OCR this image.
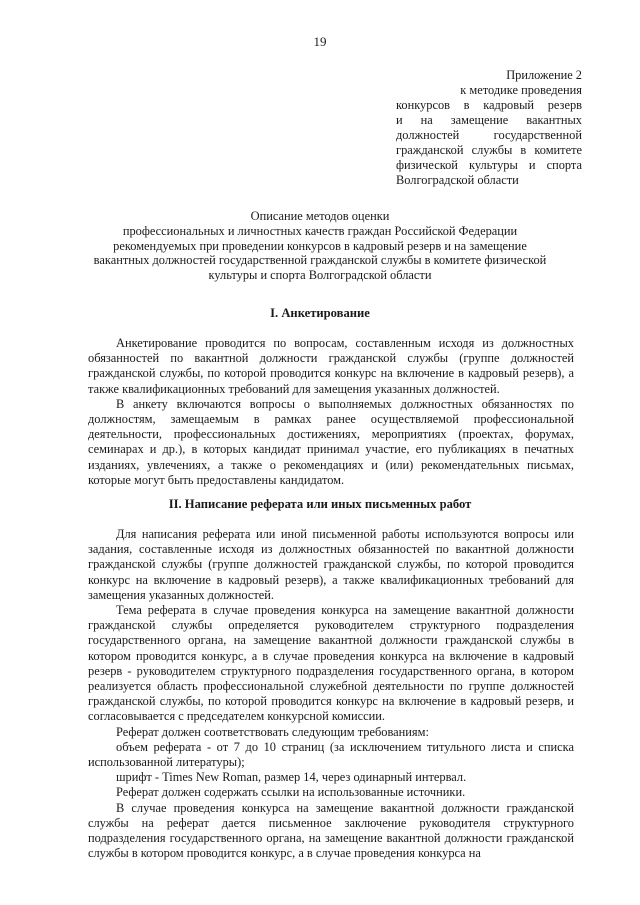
19
Приложение 2
к методике проведения
конкурсов в кадровый резерв
и на замещение вакантных
должностей государственной
гражданской службы в комитете
физической культуры и спорта
Волгоградской области
Описание методов оценки
профессиональных и личностных качеств граждан Российской Федерации
рекомендуемых при проведении конкурсов в кадровый резерв и на замещение
вакантных должностей государственной гражданской службы в комитете физической
культуры и спорта Волгоградской области
I. Анкетирование

Анкетирование проводится по вопросам, составленным исходя из должностных обязанностей по вакантной должности гражданской службы (группе должностей гражданской службы, по которой проводится конкурс на включение в кадровый резерв), а также квалификационных требований для замещения указанных должностей.

В анкету включаются вопросы о выполняемых должностных обязанностях по должностям, замещаемым в рамках ранее осуществляемой профессиональной деятельности, профессиональных достижениях, мероприятиях (проектах, форумах, семинарах и др.), в которых кандидат принимал участие, его публикациях в печатных изданиях, увлечениях, а также о рекомендациях и (или) рекомендательных письмах, которые могут быть предоставлены кандидатом.

II. Написание реферата или иных письменных работ

Для написания реферата или иной письменной работы используются вопросы или задания, составленные исходя из должностных обязанностей по вакантной должности гражданской службы (группе должностей гражданской службы, по которой проводится конкурс на включение в кадровый резерв), а также квалификационных требований для замещения указанных должностей.

Тема реферата в случае проведения конкурса на замещение вакантной должности гражданской службы определяется руководителем структурного подразделения государственного органа, на замещение вакантной должности гражданской службы в котором проводится конкурс, а в случае проведения конкурса на включение в кадровый резерв - руководителем структурного подразделения государственного органа, в котором реализуется область профессиональной служебной деятельности по группе должностей гражданской службы, по которой проводится конкурс на включение в кадровый резерв, и согласовывается с председателем конкурсной комиссии.

Реферат должен соответствовать следующим требованиям:

объем реферата - от 7 до 10 страниц (за исключением титульного листа и списка использованной литературы);

шрифт - Times New Roman, размер 14, через одинарный интервал.

Реферат должен содержать ссылки на использованные источники.

В случае проведения конкурса на замещение вакантной должности гражданской службы на реферат дается письменное заключение руководителя структурного подразделения государственного органа, на замещение вакантной должности гражданской службы в котором проводится конкурс, а в случае проведения конкурса на
